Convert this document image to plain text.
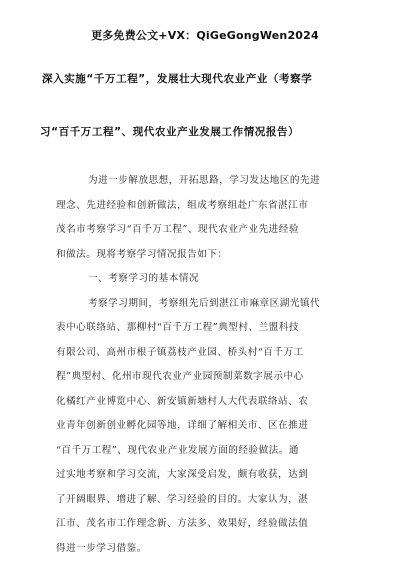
更多免费公文+VX：QiGeGongWen2024
深入实施“千万工程”，发展壮大现代农业产业（考察学
习“百千万工程”、现代农业产业发展工作情况报告）
为进一步解放思想，开拓思路，学习发达地区的先进
理念、先进经验和创新做法，组成考察组赴广东省湛江市
茂名市考察学习“百千万工程”、现代农业产业先进经验
和做法。现将考察学习情况报告如下：
一、考察学习的基本情况
考察学习期间，考察组先后到湛江市麻章区湖光镇代
表中心联络站、那柳村“百千万工程”典型村、兰盟科技
有限公司、高州市根子镇荔枝产业园、桥头村“百千万工
程”典型村、化州市现代农业产业园预制菜数字展示中心
化橘红产业博览中心、新安镇新塘村人大代表联络站、农
业青年创新创业孵化园等地，详细了解相关市、区在推进
“百千万工程”、现代农业产业发展方面的经验做法。通
过实地考察和学习交流，大家深受启发，颇有收获，达到
了开阔眼界、增进了解、学习经验的目的。大家认为，湛
江市、茂名市工作理念新、方法多、效果好，经验做法值
得进一步学习借鉴。
